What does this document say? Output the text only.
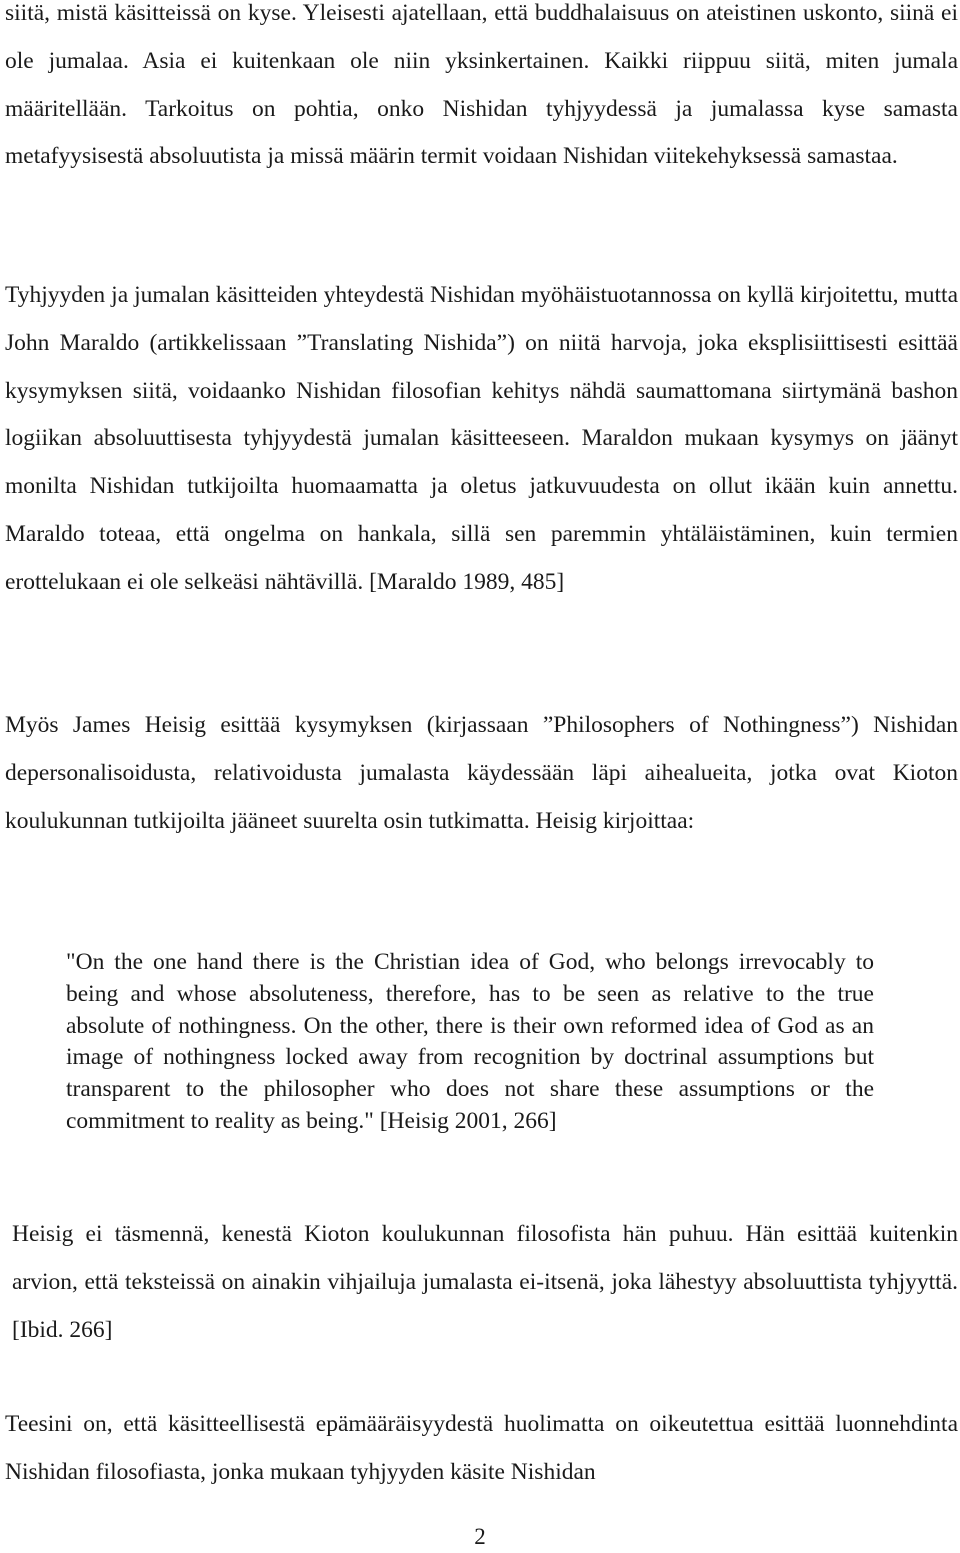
siitä, mistä käsitteissä on kyse. Yleisesti ajatellaan, että buddhalaisuus on ateistinen uskonto, siinä ei ole jumalaa. Asia ei kuitenkaan ole niin yksinkertainen. Kaikki riippuu siitä, miten jumala määritellään. Tarkoitus on pohtia, onko Nishidan tyhjyydessä ja jumalassa kyse samasta metafyysisestä absoluutista ja missä määrin termit voidaan Nishidan viitekehyksessä samastaa.

Tyhjyyden ja jumalan käsitteiden yhteydestä Nishidan myöhäistuotannossa on kyllä kirjoitettu, mutta John Maraldo (artikkelissaan ”Translating Nishida”) on niitä harvoja, joka eksplisiittisesti esittää kysymyksen siitä, voidaanko Nishidan filosofian kehitys nähdä saumattomana siirtymänä bashon logiikan absoluuttisesta tyhjyydestä jumalan käsitteeseen. Maraldon mukaan kysymys on jäänyt monilta Nishidan tutkijoilta huomaamatta ja oletus jatkuvuudesta on ollut ikään kuin annettu. Maraldo toteaa, että ongelma on hankala, sillä sen paremmin yhtäläistäminen, kuin termien erottelukaan ei ole selkeäsi nähtävillä. [Maraldo 1989, 485]

Myös James Heisig esittää kysymyksen (kirjassaan ”Philosophers of Nothingness”) Nishidan depersonalisoidusta, relativoidusta jumalasta käydessään läpi aihealueita, jotka ovat Kioton koulukunnan tutkijoilta jääneet suurelta osin tutkimatta. Heisig kirjoittaa:

"On the one hand there is the Christian idea of God, who belongs irrevocably to being and whose absoluteness, therefore, has to be seen as relative to the true absolute of nothingness. On the other, there is their own reformed idea of God as an image of nothingness locked away from recognition by doctrinal assumptions but transparent to the philosopher who does not share these assumptions or the commitment to reality as being." [Heisig 2001, 266]

Heisig ei täsmennä, kenestä Kioton koulukunnan filosofista hän puhuu. Hän esittää kuitenkin arvion, että teksteissä on ainakin vihjailuja jumalasta ei-itsenä, joka lähestyy absoluuttista tyhjyyttä. [Ibid. 266]

Teesini on, että käsitteellisestä epämääräisyydestä huolimatta on oikeutettua esittää luonnehdinta Nishidan filosofiasta, jonka mukaan tyhjyyden käsite Nishidan

2
